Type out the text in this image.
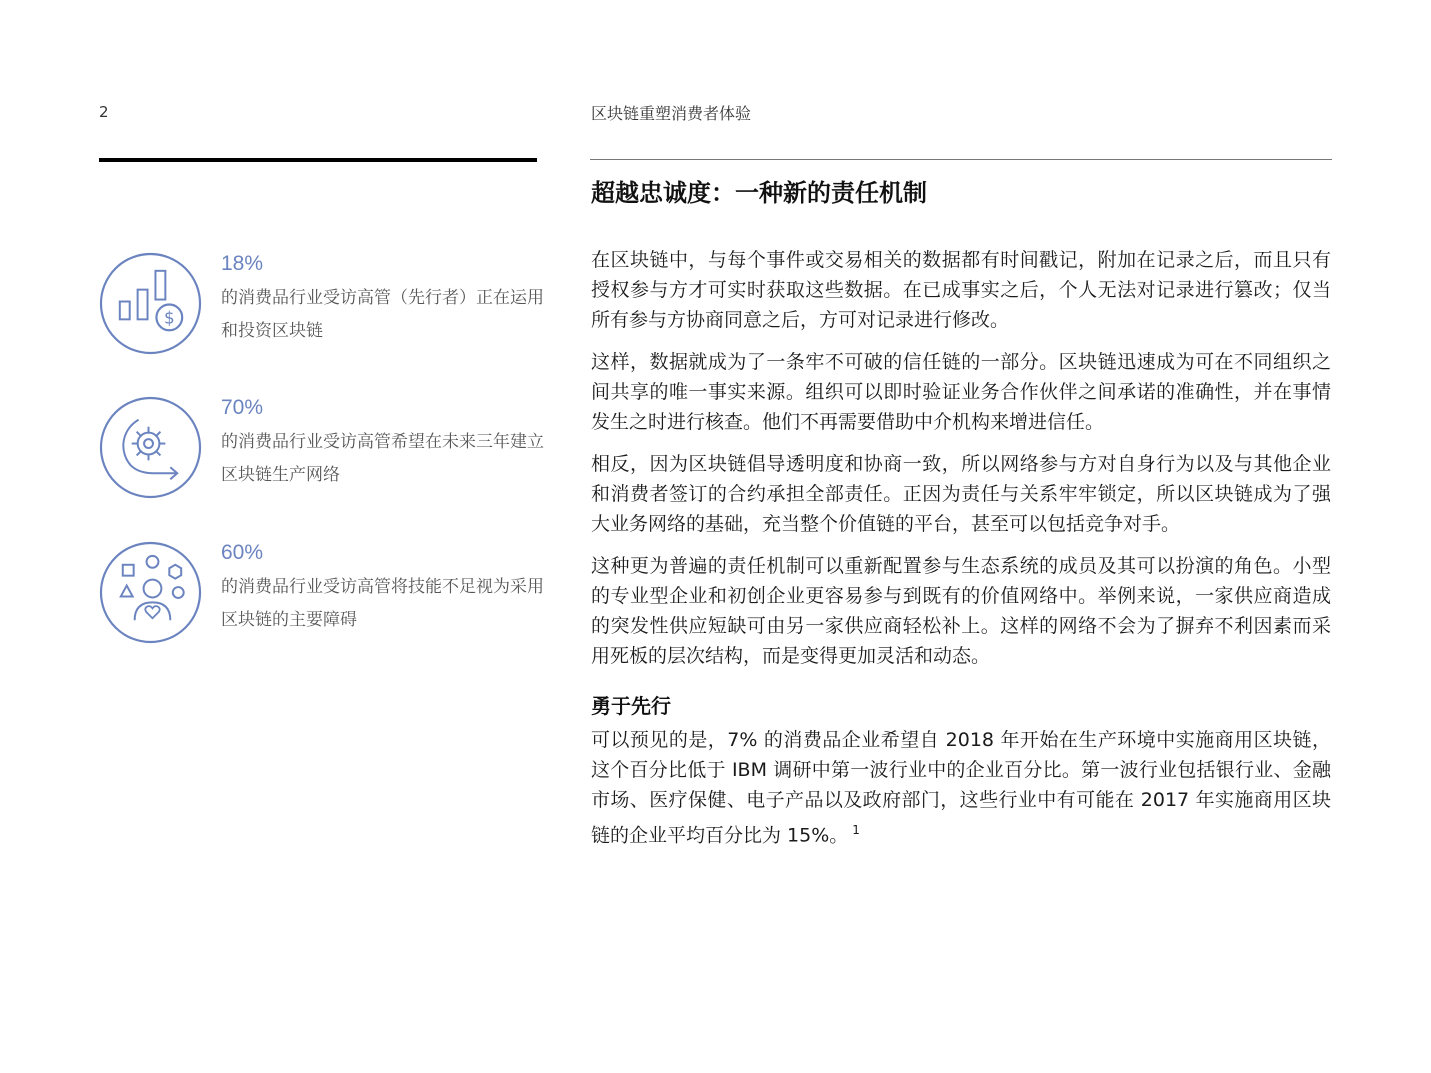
2	区块链重塑消费者体验
$
18%
的消费品行业受访高管（先行者）正在运用和投资区块链
70%
的消费品行业受访高管希望在未来三年建立区块链生产网络
60%
的消费品行业受访高管将技能不足视为采用区块链的主要障碍
超越忠诚度：一种新的责任机制

在区块链中，与每个事件或交易相关的数据都有时间戳记，附加在记录之后，而且只有授权参与方才可实时获取这些数据。在已成事实之后，个人无法对记录进行篡改；仅当所有参与方协商同意之后，方可对记录进行修改。

这样，数据就成为了一条牢不可破的信任链的一部分。区块链迅速成为可在不同组织之间共享的唯一事实来源。组织可以即时验证业务合作伙伴之间承诺的准确性，并在事情发生之时进行核查。他们不再需要借助中介机构来增进信任。

相反，因为区块链倡导透明度和协商一致，所以网络参与方对自身行为以及与其他企业和消费者签订的合约承担全部责任。正因为责任与关系牢牢锁定，所以区块链成为了强大业务网络的基础，充当整个价值链的平台，甚至可以包括竞争对手。

这种更为普遍的责任机制可以重新配置参与生态系统的成员及其可以扮演的角色。小型的专业型企业和初创企业更容易参与到既有的价值网络中。举例来说，一家供应商造成的突发性供应短缺可由另一家供应商轻松补上。这样的网络不会为了摒弃不利因素而采用死板的层次结构，而是变得更加灵活和动态。

勇于先行

可以预见的是，7% 的消费品企业希望自 2018 年开始在生产环境中实施商用区块链，这个百分比低于 IBM 调研中第一波行业中的企业百分比。第一波行业包括银行业、金融市场、医疗保健、电子产品以及政府部门，这些行业中有可能在 2017 年实施商用区块链的企业平均百分比为 15%。 $^1$
